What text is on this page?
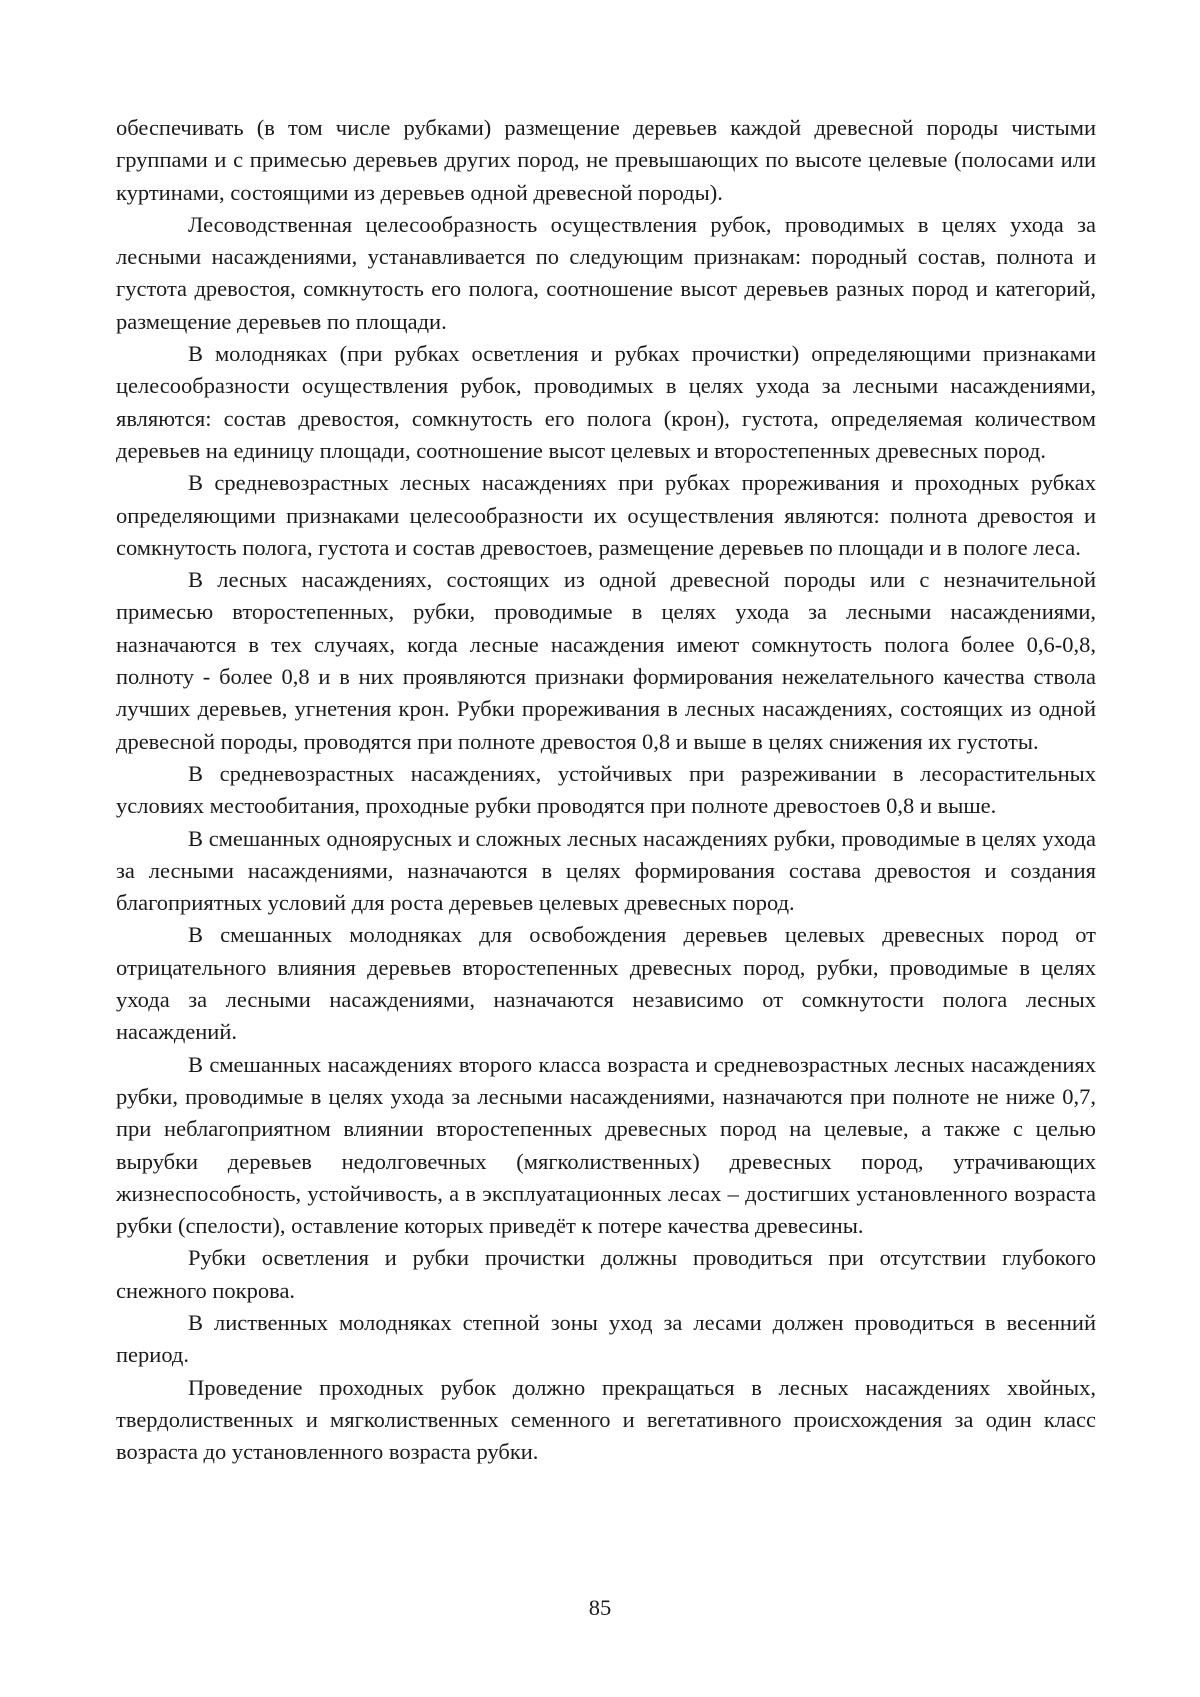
обеспечивать (в том числе рубками) размещение деревьев каждой древесной породы чистыми группами и с примесью деревьев других пород, не превышающих по высоте целевые (полосами или куртинами, состоящими из деревьев одной древесной породы).

Лесоводственная целесообразность осуществления рубок, проводимых в целях ухода за лесными насаждениями, устанавливается по следующим признакам: породный состав, полнота и густота древостоя, сомкнутость его полога, соотношение высот деревьев разных пород и категорий, размещение деревьев по площади.

В молодняках (при рубках осветления и рубках прочистки) определяющими признаками целесообразности осуществления рубок, проводимых в целях ухода за лесными насаждениями, являются: состав древостоя, сомкнутость его полога (крон), густота, определяемая количеством деревьев на единицу площади, соотношение высот целевых и второстепенных древесных пород.

В средневозрастных лесных насаждениях при рубках прореживания и проходных рубках определяющими признаками целесообразности их осуществления являются: полнота древостоя и сомкнутость полога, густота и состав древостоев, размещение деревьев по площади и в пологе леса.

В лесных насаждениях, состоящих из одной древесной породы или с незначительной примесью второстепенных, рубки, проводимые в целях ухода за лесными насаждениями, назначаются в тех случаях, когда лесные насаждения имеют сомкнутость полога более 0,6-0,8, полноту - более 0,8 и в них проявляются признаки формирования нежелательного качества ствола лучших деревьев, угнетения крон. Рубки прореживания в лесных насаждениях, состоящих из одной древесной породы, проводятся при полноте древостоя 0,8 и выше в целях снижения их густоты.

В средневозрастных насаждениях, устойчивых при разреживании в лесорастительных условиях местообитания, проходные рубки проводятся при полноте древостоев 0,8 и выше.

В смешанных одноярусных и сложных лесных насаждениях рубки, проводимые в целях ухода за лесными насаждениями, назначаются в целях формирования состава древостоя и создания благоприятных условий для роста деревьев целевых древесных пород.

В смешанных молодняках для освобождения деревьев целевых древесных пород от отрицательного влияния деревьев второстепенных древесных пород, рубки, проводимые в целях ухода за лесными насаждениями, назначаются независимо от сомкнутости полога лесных насаждений.

В смешанных насаждениях второго класса возраста и средневозрастных лесных насаждениях рубки, проводимые в целях ухода за лесными насаждениями, назначаются при полноте не ниже 0,7, при неблагоприятном влиянии второстепенных древесных пород на целевые, а также с целью вырубки деревьев недолговечных (мягколиственных) древесных пород, утрачивающих жизнеспособность, устойчивость, а в эксплуатационных лесах – достигших установленного возраста рубки (спелости), оставление которых приведёт к потере качества древесины.

Рубки осветления и рубки прочистки должны проводиться при отсутствии глубокого снежного покрова.

В лиственных молодняках степной зоны уход за лесами должен проводиться в весенний период.

Проведение проходных рубок должно прекращаться в лесных насаждениях хвойных, твердолиственных и мягколиственных семенного и вегетативного происхождения за один класс возраста до установленного возраста рубки.

85
